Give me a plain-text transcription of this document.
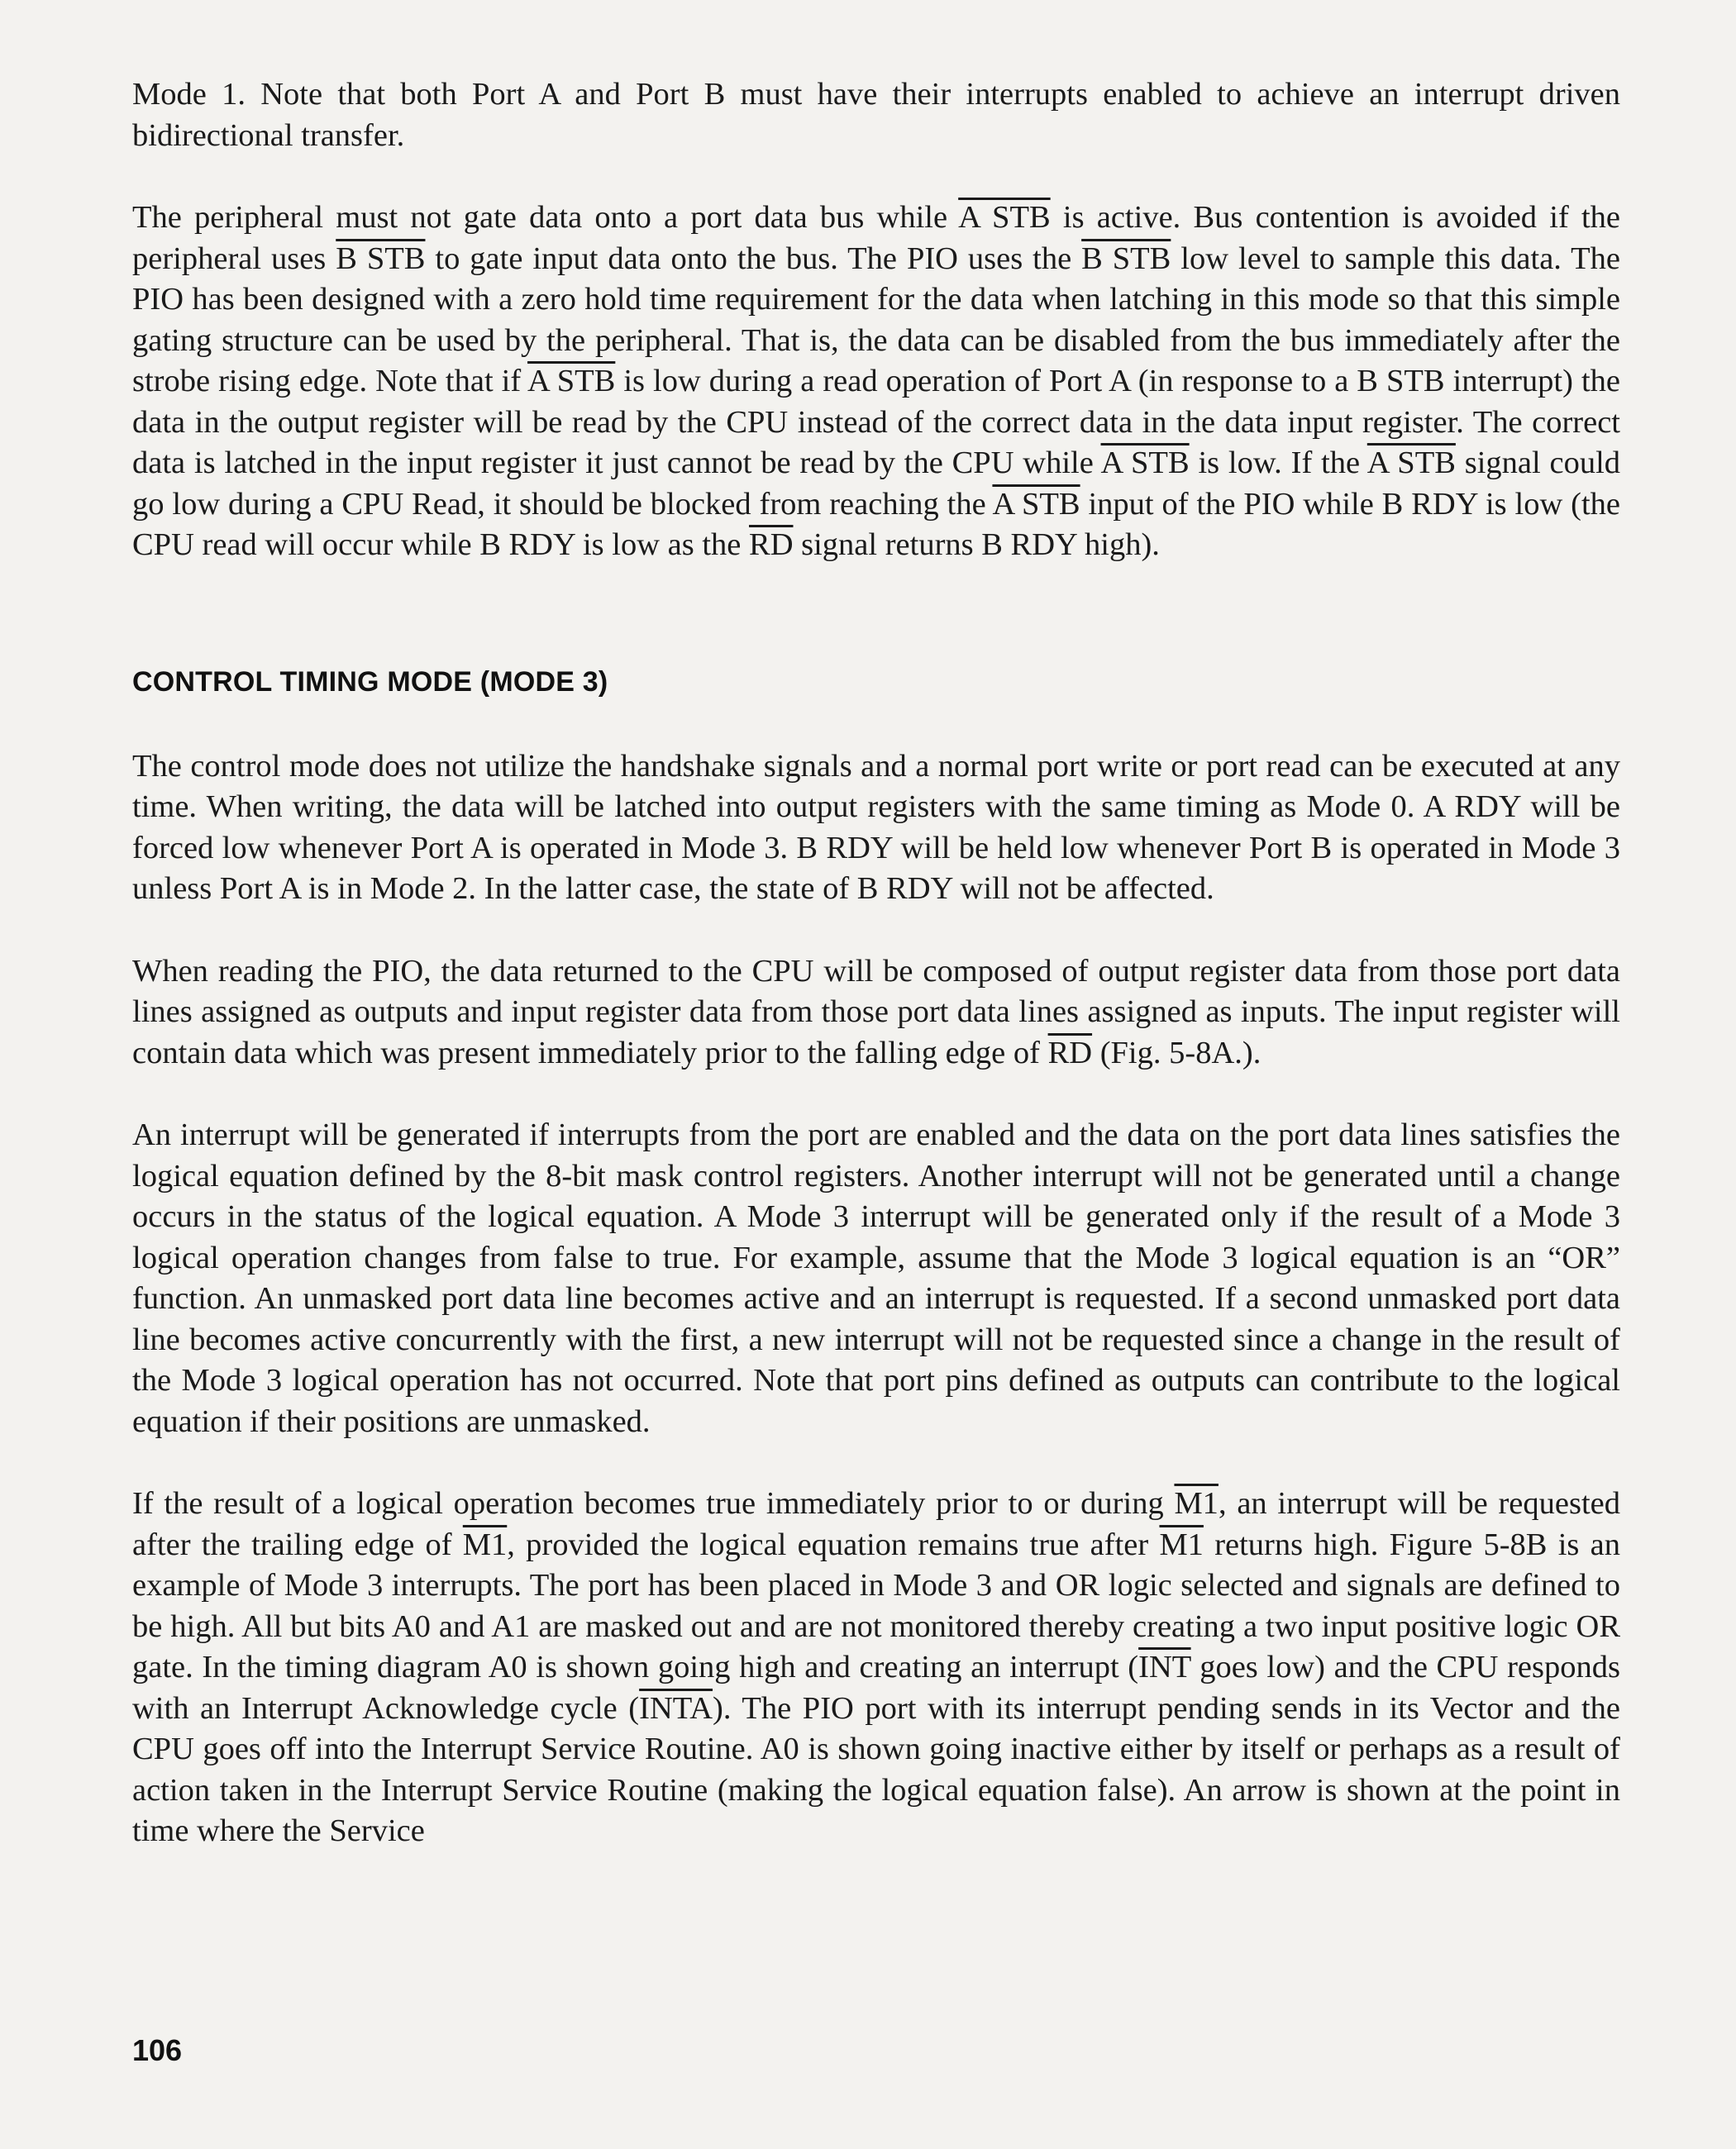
Mode 1. Note that both Port A and Port B must have their interrupts enabled to achieve an interrupt driven bidirectional transfer.

The peripheral must not gate data onto a port data bus while A STB is active. Bus contention is avoided if the peripheral uses B STB to gate input data onto the bus. The PIO uses the B STB low level to sample this data. The PIO has been designed with a zero hold time requirement for the data when latching in this mode so that this simple gating structure can be used by the peripheral. That is, the data can be disabled from the bus immediately after the strobe rising edge. Note that if A STB is low during a read operation of Port A (in response to a B STB interrupt) the data in the output register will be read by the CPU instead of the correct data in the data input register. The correct data is latched in the input register it just cannot be read by the CPU while A STB is low. If the A STB signal could go low during a CPU Read, it should be blocked from reaching the A STB input of the PIO while B RDY is low (the CPU read will occur while B RDY is low as the $\overline{RD}$ signal returns B RDY high).

CONTROL TIMING MODE (MODE 3)

The control mode does not utilize the handshake signals and a normal port write or port read can be executed at any time. When writing, the data will be latched into output registers with the same timing as Mode 0. A RDY will be forced low whenever Port A is operated in Mode 3. B RDY will be held low whenever Port B is operated in Mode 3 unless Port A is in Mode 2. In the latter case, the state of B RDY will not be affected.

When reading the PIO, the data returned to the CPU will be composed of output register data from those port data lines assigned as outputs and input register data from those port data lines assigned as inputs. The input register will contain data which was present immediately prior to the falling edge of $\overline{RD}$ (Fig. 5-8A.).

An interrupt will be generated if interrupts from the port are enabled and the data on the port data lines satisfies the logical equation defined by the 8-bit mask control registers. Another interrupt will not be generated until a change occurs in the status of the logical equation. A Mode 3 interrupt will be generated only if the result of a Mode 3 logical operation changes from false to true. For example, assume that the Mode 3 logical equation is an “OR” function. An unmasked port data line becomes active and an interrupt is requested. If a second unmasked port data line becomes active concurrently with the first, a new interrupt will not be requested since a change in the result of the Mode 3 logical operation has not occurred. Note that port pins defined as outputs can contribute to the logical equation if their positions are unmasked.

If the result of a logical operation becomes true immediately prior to or during M1, an interrupt will be requested after the trailing edge of M1, provided the logical equation remains true after M1 returns high. Figure 5-8B is an example of Mode 3 interrupts. The port has been placed in Mode 3 and OR logic selected and signals are defined to be high. All but bits A0 and A1 are masked out and are not monitored thereby creating a two input positive logic OR gate. In the timing diagram A0 is shown going high and creating an interrupt ($\overline{INT}$ goes low) and the CPU responds with an Interrupt Acknowledge cycle (INTA). The PIO port with its interrupt pending sends in its Vector and the CPU goes off into the Interrupt Service Routine. A0 is shown going inactive either by itself or perhaps as a result of action taken in the Interrupt Service Routine (making the logical equation false). An arrow is shown at the point in time where the Service

106
